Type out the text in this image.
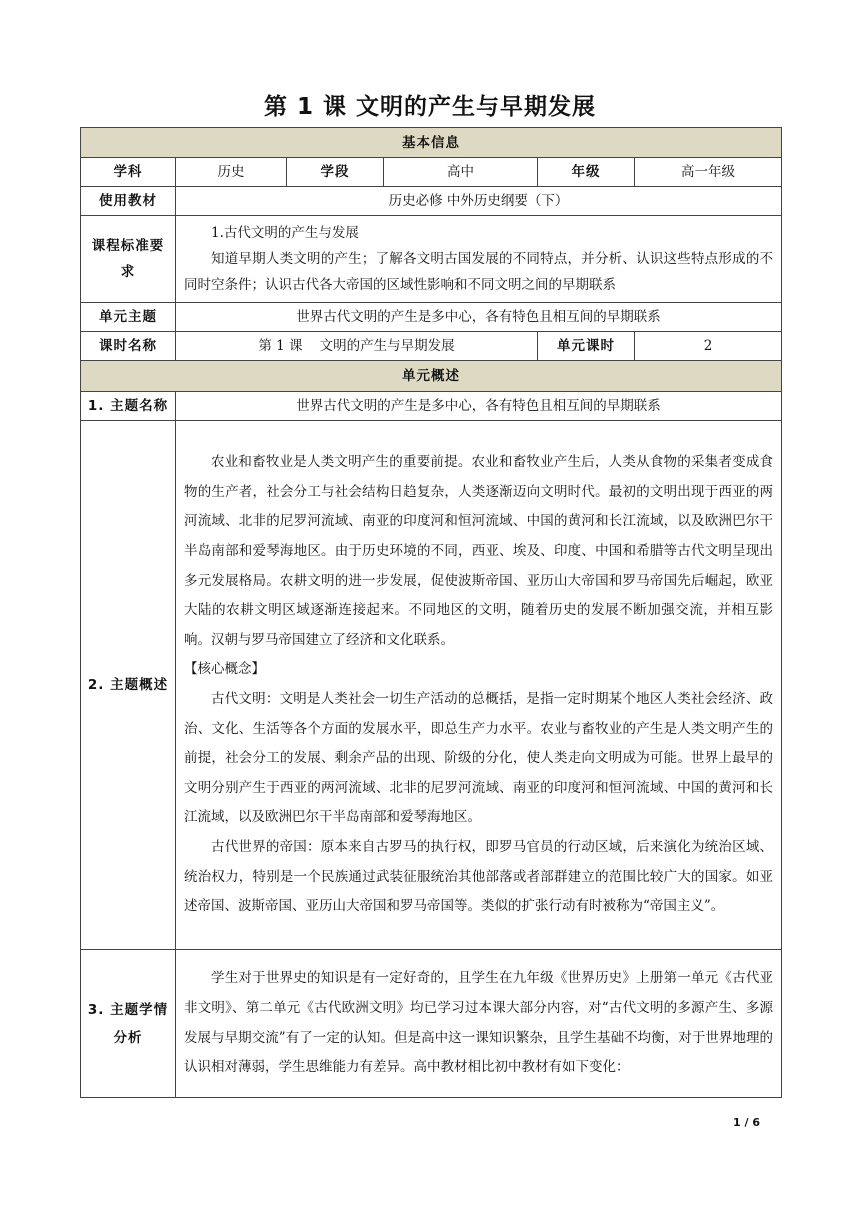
第 1 课 文明的产生与早期发展
基本信息					
学科	历史	学段	高中	年级	高一年级
使用教材	历史必修 中外历史纲要（下）				
课程标准要求	1.古代文明的产生与发展

知道早期人类文明的产生；了解各文明古国发展的不同特点，并分析、认识这些特点形成的不同时空条件；认识古代各大帝国的区域性影响和不同文明之间的早期联系				

单元主题	世界古代文明的产生是多中心，各有特色且相互间的早期联系				
课时名称	第 1 课    文明的产生与早期发展			单元课时	2
单元概述					
1. 主题名称	世界古代文明的产生是多中心，各有特色且相互间的早期联系				
2. 主题概述	农业和畜牧业是人类文明产生的重要前提。农业和畜牧业产生后，人类从食物的采集者变成食物的生产者，社会分工与社会结构日趋复杂，人类逐渐迈向文明时代。最初的文明出现于西亚的两河流域、北非的尼罗河流域、南亚的印度河和恒河流域、中国的黄河和长江流域，以及欧洲巴尔干半岛南部和爱琴海地区。由于历史环境的不同，西亚、埃及、印度、中国和希腊等古代文明呈现出多元发展格局。农耕文明的进一步发展，促使波斯帝国、亚历山大帝国和罗马帝国先后崛起，欧亚大陆的农耕文明区域逐渐连接起来。不同地区的文明，随着历史的发展不断加强交流，并相互影响。汉朝与罗马帝国建立了经济和文化联系。

【核心概念】

古代文明：文明是人类社会一切生产活动的总概括，是指一定时期某个地区人类社会经济、政治、文化、生活等各个方面的发展水平，即总生产力水平。农业与畜牧业的产生是人类文明产生的前提，社会分工的发展、剩余产品的出现、阶级的分化，使人类走向文明成为可能。世界上最早的文明分别产生于西亚的两河流域、北非的尼罗河流域、南亚的印度河和恒河流域、中国的黄河和长江流域，以及欧洲巴尔干半岛南部和爱琴海地区。

古代世界的帝国：原本来自古罗马的执行权，即罗马官员的行动区域，后来演化为统治区域、统治权力，特别是一个民族通过武装征服统治其他部落或者部群建立的范围比较广大的国家。如亚述帝国、波斯帝国、亚历山大帝国和罗马帝国等。类似的扩张行动有时被称为“帝国主义”。				

3. 主题学情分析	学生对于世界史的知识是有一定好奇的，且学生在九年级《世界历史》上册第一单元《古代亚非文明》、第二单元《古代欧洲文明》均已学习过本课大部分内容，对“古代文明的多源产生、多源发展与早期交流”有了一定的认知。但是高中这一课知识繁杂，且学生基础不均衡，对于世界地理的认识相对薄弱，学生思维能力有差异。高中教材相比初中教材有如下变化：				

1 / 6
